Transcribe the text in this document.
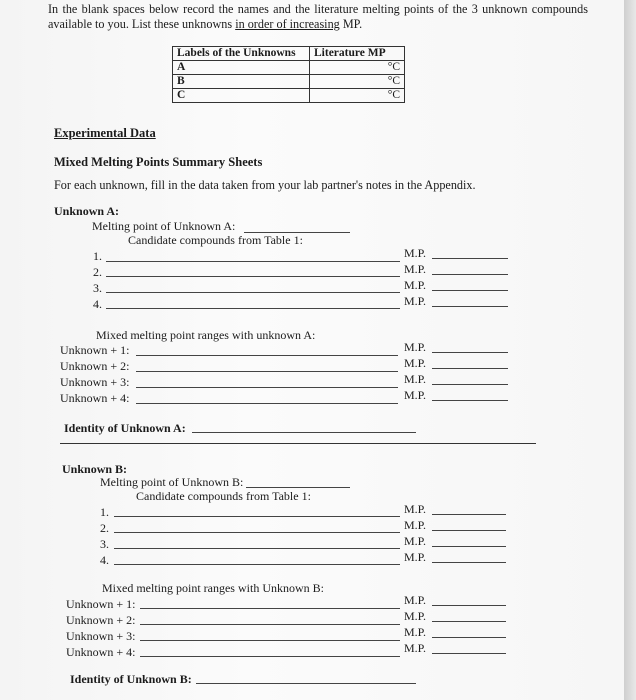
In the blank spaces below record the names and the literature melting points of the 3 unknown compounds available to you. List these unknowns in order of increasing MP.
Labels of the Unknowns	Literature MP
A	°C
B	°C
C	°C
Experimental Data
Mixed Melting Points Summary Sheets
For each unknown, fill in the data taken from your lab partner's notes in the Appendix.
Unknown A:
Melting point of Unknown A:
Candidate compounds from Table 1:
1.	M.P.
2.	M.P.
3.	M.P.
4.	M.P.
Mixed melting point ranges with unknown A:
Unknown + 1:	M.P.
Unknown + 2:	M.P.
Unknown + 3:	M.P.
Unknown + 4:	M.P.
Identity of Unknown A:
Unknown B:
Melting point of Unknown B:
Candidate compounds from Table 1:
1.	M.P.
2.	M.P.
3.	M.P.
4.	M.P.
Mixed melting point ranges with Unknown B:
Unknown + 1:	M.P.
Unknown + 2:	M.P.
Unknown + 3:	M.P.
Unknown + 4:	M.P.
Identity of Unknown B:
